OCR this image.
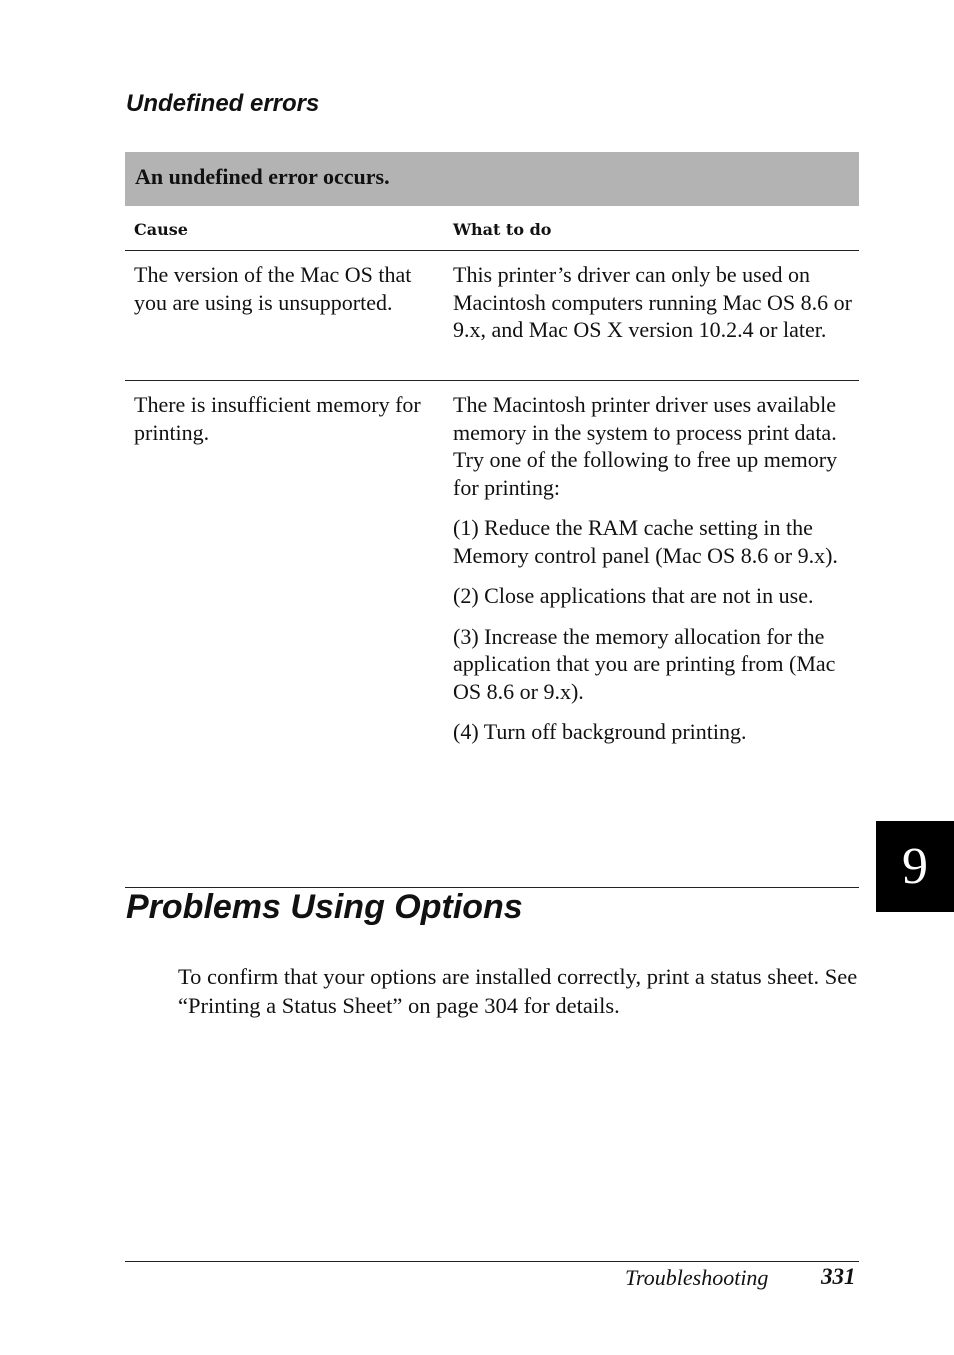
Undefined errors
An undefined error occurs.
Cause	What to do
The version of the Mac OS that you are using is unsupported.

This printer’s driver can only be used on Macintosh computers running Mac OS 8.6 or 9.x, and Mac OS X version 10.2.4 or later.

There is insufficient memory for printing.

The Macintosh printer driver uses available memory in the system to process print data. Try one of the following to free up memory for printing:

(1) Reduce the RAM cache setting in the Memory control panel (Mac OS 8.6 or 9.x).

(2) Close applications that are not in use.

(3) Increase the memory allocation for the application that you are printing from (Mac OS 8.6 or 9.x).

(4) Turn off background printing.

Problems Using Options

To confirm that your options are installed correctly, print a status sheet. See “Printing a Status Sheet” on page 304 for details.

9
Troubleshooting 331
